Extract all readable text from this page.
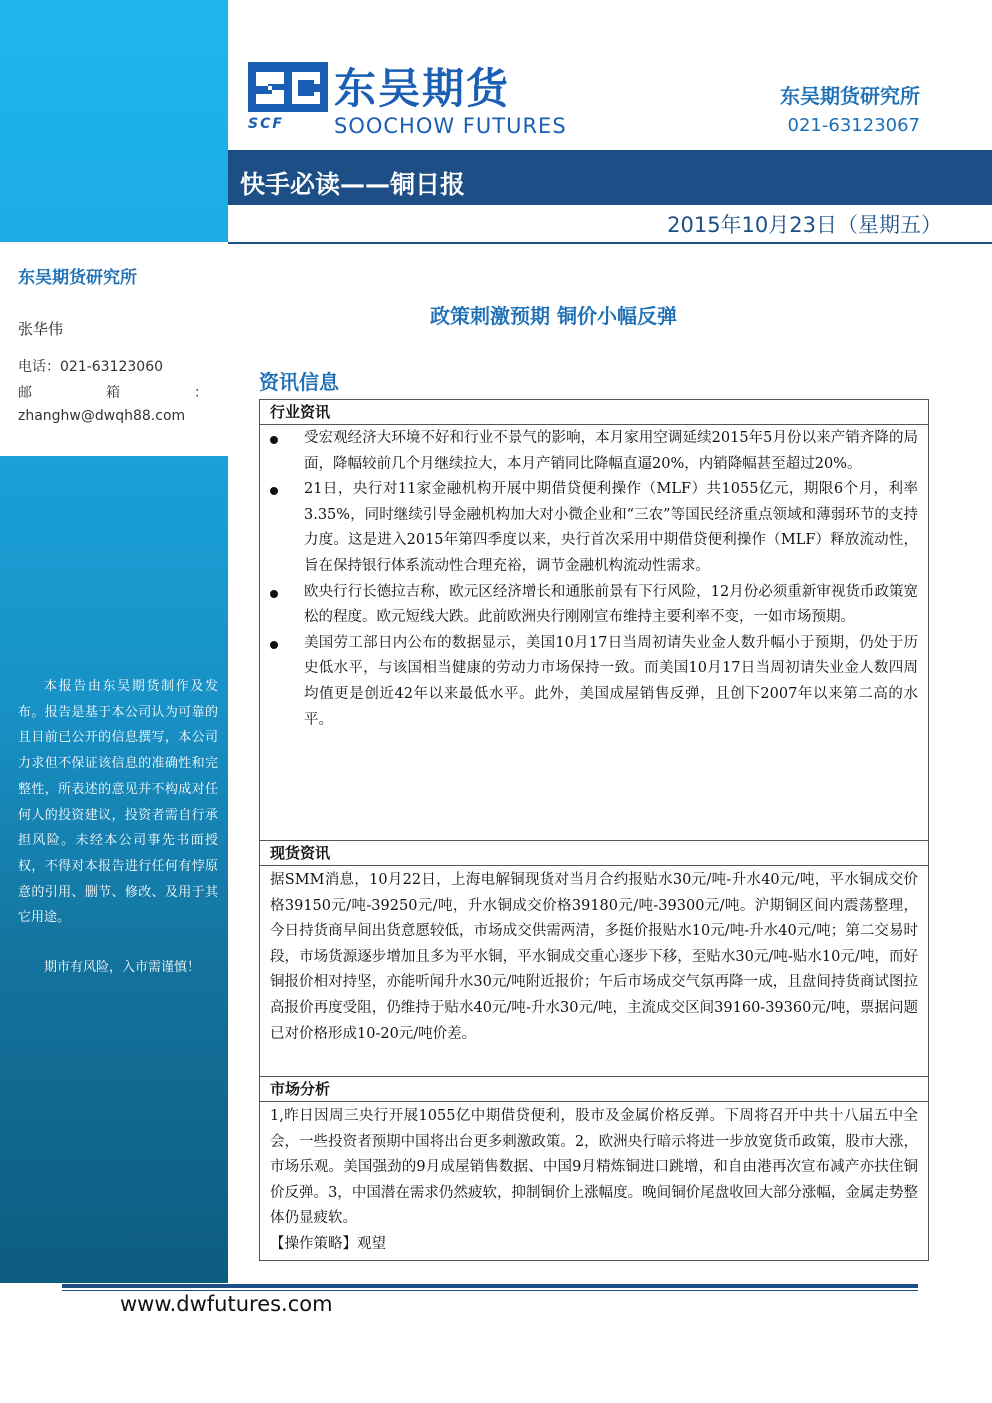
东吴期货研究所
张华伟
电话：021-63123060
邮	箱	：
zhanghw@dwqh88.com
本报告由东吴期货制作及发布。报告是基于本公司认为可靠的且目前已公开的信息撰写，本公司力求但不保证该信息的准确性和完整性，所表述的意见并不构成对任何人的投资建议，投资者需自行承担风险。未经本公司事先书面授权，不得对本报告进行任何有悖原意的引用、删节、修改、及用于其它用途。
期市有风险，入市需谨慎！
SCF
东吴期货
SOOCHOW FUTURES
东吴期货研究所
021-63123067
快手必读——铜日报
2015年10月23日（星期五）
政策刺激预期 铜价小幅反弹
资讯信息
行业资讯
受宏观经济大环境不好和行业不景气的影响，本月家用空调延续2015年5月份以来产销齐降的局面，降幅较前几个月继续拉大，本月产销同比降幅直逼20%，内销降幅甚至超过20%。
21日，央行对11家金融机构开展中期借贷便利操作（MLF）共1055亿元，期限6个月，利率3.35%，同时继续引导金融机构加大对小微企业和“三农”等国民经济重点领域和薄弱环节的支持力度。这是进入2015年第四季度以来，央行首次采用中期借贷便利操作（MLF）释放流动性，旨在保持银行体系流动性合理充裕，调节金融机构流动性需求。
欧央行行长德拉吉称，欧元区经济增长和通胀前景有下行风险，12月份必须重新审视货币政策宽松的程度。欧元短线大跌。此前欧洲央行刚刚宣布维持主要利率不变，一如市场预期。
美国劳工部日内公布的数据显示，美国10月17日当周初请失业金人数升幅小于预期，仍处于历史低水平，与该国相当健康的劳动力市场保持一致。而美国10月17日当周初请失业金人数四周均值更是创近42年以来最低水平。此外，美国成屋销售反弹，且创下2007年以来第二高的水平。
现货资讯
据SMM消息，10月22日，上海电解铜现货对当月合约报贴水30元/吨-升水40元/吨，平水铜成交价格39150元/吨-39250元/吨，升水铜成交价格39180元/吨-39300元/吨。沪期铜区间内震荡整理，今日持货商早间出货意愿较低，市场成交供需两清，多挺价报贴水10元/吨-升水40元/吨；第二交易时段，市场货源逐步增加且多为平水铜，平水铜成交重心逐步下移，至贴水30元/吨-贴水10元/吨，而好铜报价相对持坚，亦能听闻升水30元/吨附近报价；午后市场成交气氛再降一成，且盘间持货商试图拉高报价再度受阻，仍维持于贴水40元/吨-升水30元/吨，主流成交区间39160-39360元/吨，票据问题已对价格形成10-20元/吨价差。
市场分析
1,昨日因周三央行开展1055亿中期借贷便利，股市及金属价格反弹。下周将召开中共十八届五中全会，一些投资者预期中国将出台更多刺激政策。2，欧洲央行暗示将进一步放宽货币政策，股市大涨，市场乐观。美国强劲的9月成屋销售数据、中国9月精炼铜进口跳增，和自由港再次宣布减产亦扶住铜价反弹。3，中国潜在需求仍然疲软，抑制铜价上涨幅度。晚间铜价尾盘收回大部分涨幅，金属走势整体仍显疲软。
【操作策略】观望
www.dwfutures.com
